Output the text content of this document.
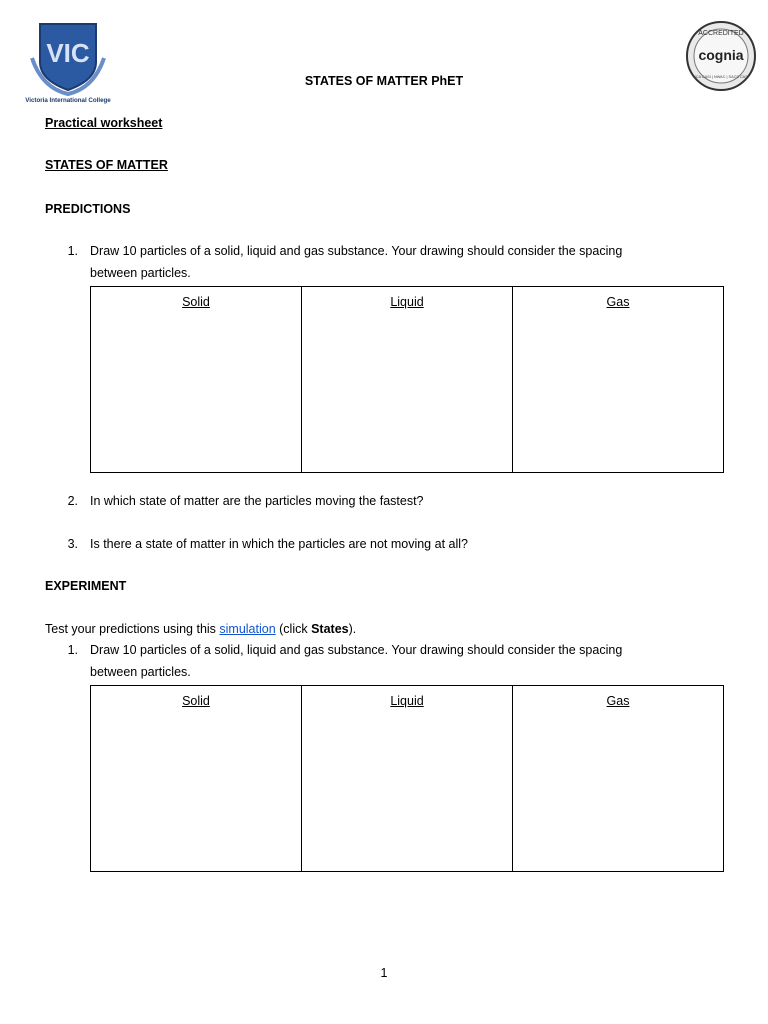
VIC
Victoria International College
ACCREDITED
cognia
NCA CASI | NWAC | SACS CASI
STATES OF MATTER PhET
Practical worksheet
STATES OF MATTER
PREDICTIONS
1. Draw 10 particles of a solid, liquid and gas substance. Your drawing should consider the spacing
between particles.
Solid	Liquid	Gas
2. In which state of matter are the particles moving the fastest?
3. Is there a state of matter in which the particles are not moving at all?
EXPERIMENT
Test your predictions using this simulation (click States).
1. Draw 10 particles of a solid, liquid and gas substance. Your drawing should consider the spacing
between particles.
Solid	Liquid	Gas
1
